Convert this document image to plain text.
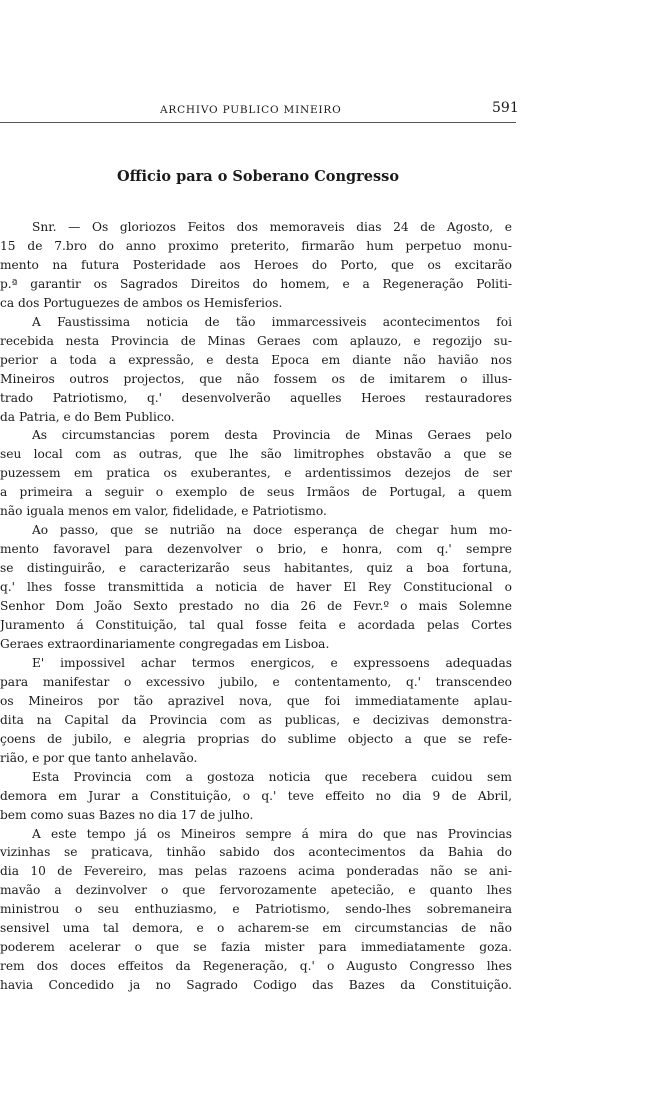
ARCHIVO PUBLICO MINEIRO	591
Officio para o Soberano Congresso
Snr. — Os gloriozos Feitos dos memoraveis dias 24 de Agosto, e
15 de 7.bro do anno proximo preterito, firmarão hum perpetuo monu-
mento na futura Posteridade aos Heroes do Porto, que os excitarão
p.ª garantir os Sagrados Direitos do homem, e a Regeneração Politi-
ca dos Portuguezes de ambos os Hemisferios.
A Faustissima noticia de tão immarcessiveis acontecimentos foi
recebida nesta Provincia de Minas Geraes com aplauzo, e regozijo su-
perior a toda a expressão, e desta Epoca em diante não havião nos
Mineiros outros projectos, que não fossem os de imitarem o illus-
trado Patriotismo, q.' desenvolverão aquelles Heroes restauradores
da Patria, e do Bem Publico.
As circumstancias porem desta Provincia de Minas Geraes pelo
seu local com as outras, que lhe são limitrophes obstavão a que se
puzessem em pratica os exuberantes, e ardentissimos dezejos de ser
a primeira a seguir o exemplo de seus Irmãos de Portugal, a quem
não iguala menos em valor, fidelidade, e Patriotismo.
Ao passo, que se nutrião na doce esperança de chegar hum mo-
mento favoravel para dezenvolver o brio, e honra, com q.' sempre
se distinguirão, e caracterizarão seus habitantes, quiz a boa fortuna,
q.' lhes fosse transmittida a noticia de haver El Rey Constitucional o
Senhor Dom João Sexto prestado no dia 26 de Fevr.º o mais Solemne
Juramento á Constituição, tal qual fosse feita e acordada pelas Cortes
Geraes extraordinariamente congregadas em Lisboa.
E' impossivel achar termos energicos, e expressoens adequadas
para manifestar o excessivo jubilo, e contentamento, q.' transcendeo
os Mineiros por tão aprazivel nova, que foi immediatamente aplau-
dita na Capital da Provincia com as publicas, e decizivas demonstra-
çoens de jubilo, e alegria proprias do sublime objecto a que se refe-
rião, e por que tanto anhelavão.
Esta Provincia com a gostoza noticia que recebera cuidou sem
demora em Jurar a Constituição, o q.' teve effeito no dia 9 de Abril,
bem como suas Bazes no dia 17 de julho.
A este tempo já os Mineiros sempre á mira do que nas Provincias
vizinhas se praticava, tinhão sabido dos acontecimentos da Bahia do
dia 10 de Fevereiro, mas pelas razoens acima ponderadas não se ani-
mavão a dezinvolver o que fervorozamente apetecião, e quanto lhes
ministrou o seu enthuziasmo, e Patriotismo, sendo-lhes sobremaneira
sensivel uma tal demora, e o acharem-se em circumstancias de não
poderem acelerar o que se fazia mister para immediatamente goza.
rem dos doces effeitos da Regeneração, q.' o Augusto Congresso lhes
havia Concedido ja no Sagrado Codigo das Bazes da Constituição.
